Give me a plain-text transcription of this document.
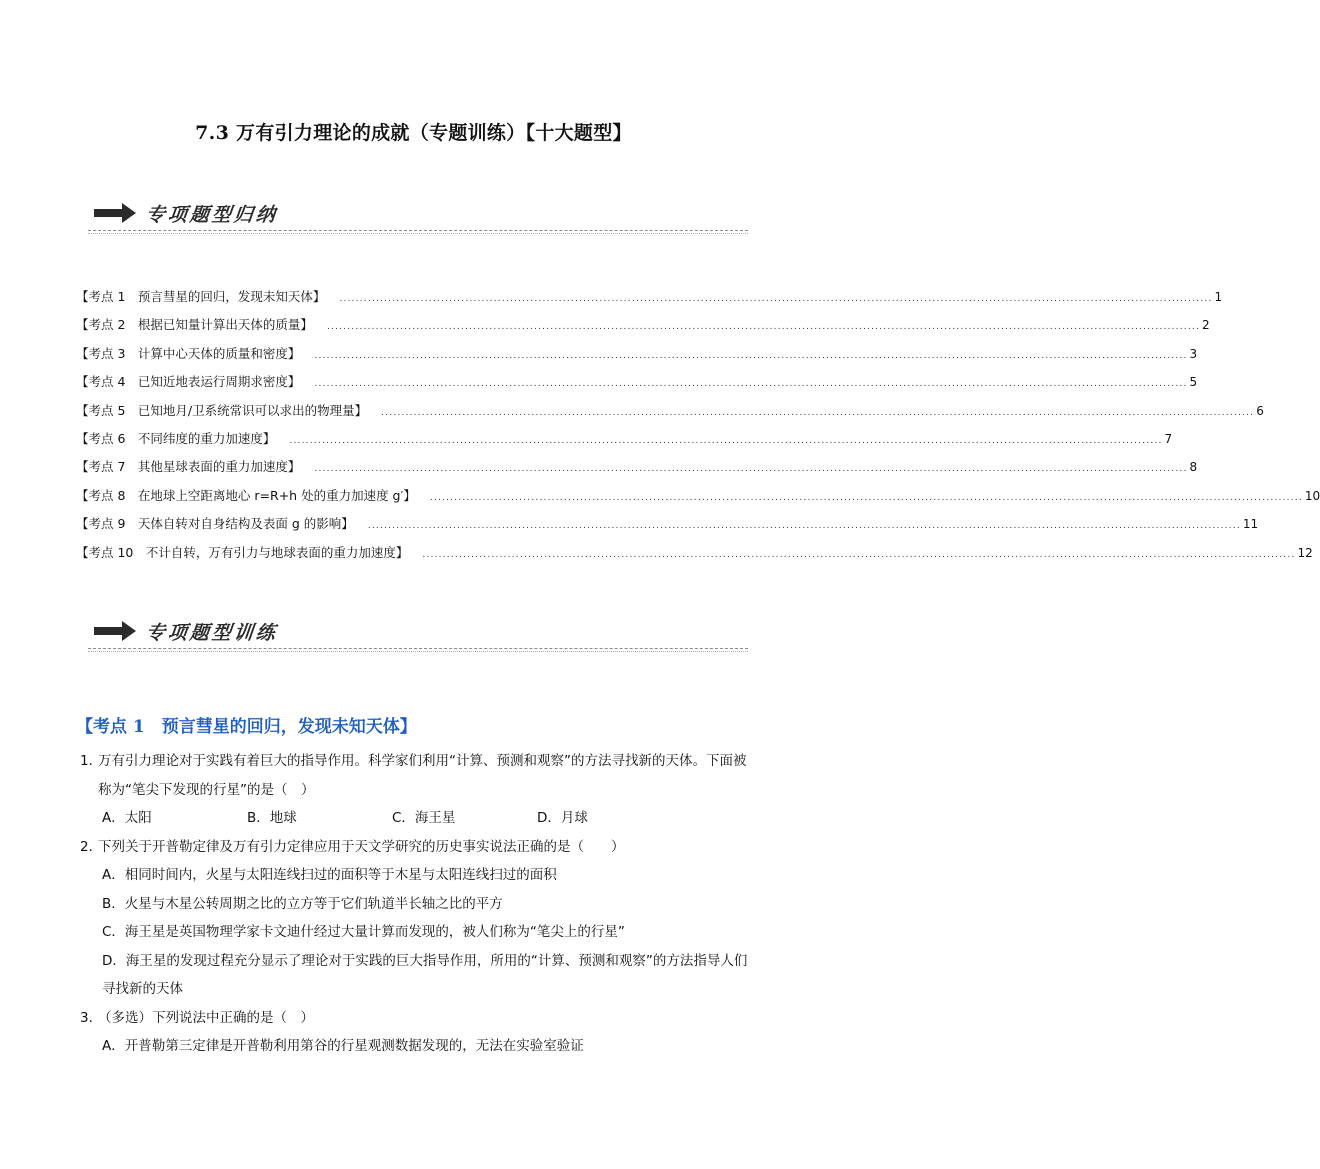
7.3 万有引力理论的成就（专题训练）【十大题型】
专项题型归纳
【考点 1　预言彗星的回归，发现未知天体】	....................................................................................................................................................................................................................... 1
【考点 2　根据已知量计算出天体的质量】	....................................................................................................................................................................................................................... 2
【考点 3　计算中心天体的质量和密度】	....................................................................................................................................................................................................................... 3
【考点 4　已知近地表运行周期求密度】	....................................................................................................................................................................................................................... 5
【考点 5　已知地月/卫系统常识可以求出的物理量】	....................................................................................................................................................................................................................... 6
【考点 6　不同纬度的重力加速度】	....................................................................................................................................................................................................................... 7
【考点 7　其他星球表面的重力加速度】	....................................................................................................................................................................................................................... 8
【考点 8　在地球上空距离地心 r=R+h 处的重力加速度 g′】	....................................................................................................................................................................................................................... 10
【考点 9　天体自转对自身结构及表面 g 的影响】	....................................................................................................................................................................................................................... 11
【考点 10　不计自转，万有引力与地球表面的重力加速度】	....................................................................................................................................................................................................................... 12
专项题型训练
【考点 1　预言彗星的回归，发现未知天体】
1．
万有引力理论对于实践有着巨大的指导作用。科学家们利用“计算、预测和观察”的方法寻找新的天体。下面被称为“笔尖下发现的行星”的是（　）
A．太阳	B．地球	C．海王星	D．月球
2．
下列关于开普勒定律及万有引力定律应用于天文学研究的历史事实说法正确的是（　　）
A．相同时间内，火星与太阳连线扫过的面积等于木星与太阳连线扫过的面积
B．火星与木星公转周期之比的立方等于它们轨道半长轴之比的平方
C．海王星是英国物理学家卡文迪什经过大量计算而发现的，被人们称为“笔尖上的行星”
D．海王星的发现过程充分显示了理论对于实践的巨大指导作用，所用的“计算、预测和观察”的方法指导人们寻找新的天体
3．
（多选）下列说法中正确的是（　）
A．开普勒第三定律是开普勒利用第谷的行星观测数据发现的，无法在实验室验证
